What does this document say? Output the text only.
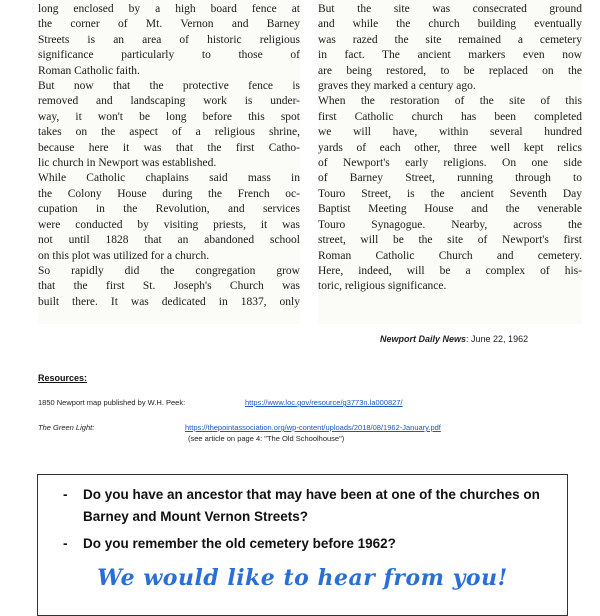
long enclosed by a high board fence at
the corner of Mt. Vernon and Barney
Streets is an area of historic religious
significance particularly to those of
Roman Catholic faith.
But now that the protective fence is
removed and landscaping work is under-
way, it won't be long before this spot
takes on the aspect of a religious shrine,
because here it was that the first Catho-
lic church in Newport was established.
While Catholic chaplains said mass in
the Colony House during the French oc-
cupation in the Revolution, and services
were conducted by visiting priests, it was
not until 1828 that an abandoned school
on this plot was utilized for a church.
So rapidly did the congregation grow
that the first St. Joseph's Church was
built there. It was dedicated in 1837, only
But the site was consecrated ground
and while the church building eventually
was razed the site remained a cemetery
in fact. The ancient markers even now
are being restored, to be replaced on the
graves they marked a century ago.
When the restoration of the site of this
first Catholic church has been completed
we will have, within several hundred
yards of each other, three well kept relics
of Newport's early religions. On one side
of Barney Street, running through to
Touro Street, is the ancient Seventh Day
Baptist Meeting House and the venerable
Touro Synagogue. Nearby, across the
street, will be the site of Newport's first
Roman Catholic Church and cemetery.
Here, indeed, will be a complex of his-
toric, religious significance.
Newport Daily News: June 22, 1962
Resources:
1850 Newport map published by W.H. Peek:	https://www.loc.gov/resource/g3773n.la000827/
The Green Light:	https://thepointassociation.org/wp-content/uploads/2018/08/1962-January.pdf
(see article on page 4: "The Old Schoolhouse")
-	Do you have an ancestor that may have been at one of the churches on Barney and Mount Vernon Streets?
-	Do you remember the old cemetery before 1962?
We would like to hear from you!
